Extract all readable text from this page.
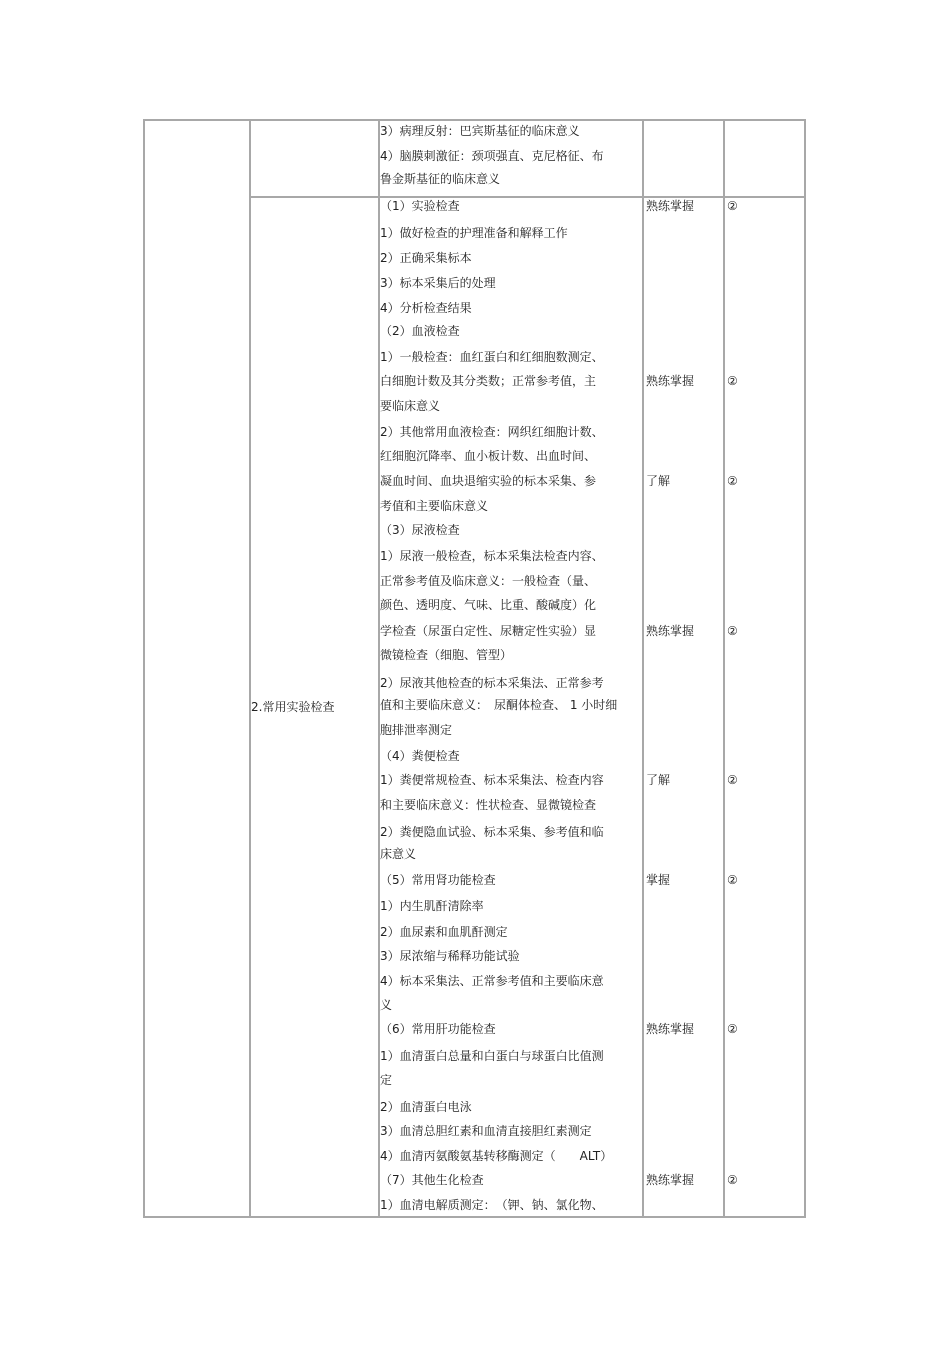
3）病理反射：巴宾斯基征的临床意义
4）脑膜刺激征：颈项强直、克尼格征、布
鲁金斯基征的临床意义
2.常用实验检查
（1）实验检查
1）做好检查的护理准备和解释工作
2）正确采集标本
3）标本采集后的处理
4）分析检查结果
（2）血液检查
1）一般检查：血红蛋白和红细胞数测定、
白细胞计数及其分类数；正常参考值，主
要临床意义
2）其他常用血液检查：网织红细胞计数、
红细胞沉降率、血小板计数、出血时间、
凝血时间、血块退缩实验的标本采集、参
考值和主要临床意义
（3）尿液检查
1）尿液一般检查，标本采集法检查内容、
正常参考值及临床意义：一般检查（量、
颜色、透明度、气味、比重、酸碱度）化
学检查（尿蛋白定性、尿糖定性实验）显
微镜检查（细胞、管型）
2）尿液其他检查的标本采集法、正常参考
值和主要临床意义：　尿酮体检查、 1 小时细
胞排泄率测定
（4）粪便检查
1）粪便常规检查、标本采集法、检查内容
和主要临床意义：性状检查、显微镜检查
2）粪便隐血试验、标本采集、参考值和临
床意义
（5）常用肾功能检查
1）内生肌酐清除率
2）血尿素和血肌酐测定
3）尿浓缩与稀释功能试验
4）标本采集法、正常参考值和主要临床意
义
（6）常用肝功能检查
1）血清蛋白总量和白蛋白与球蛋白比值测
定
2）血清蛋白电泳
3）血清总胆红素和血清直接胆红素测定
4）血清丙氨酸氨基转移酶测定（　　ALT）
（7）其他生化检查
1）血清电解质测定：　（钾、钠、氯化物、
熟练掌握
熟练掌握
了解
熟练掌握
了解
掌握
熟练掌握
熟练掌握
②
②
②
②
②
②
②
②
